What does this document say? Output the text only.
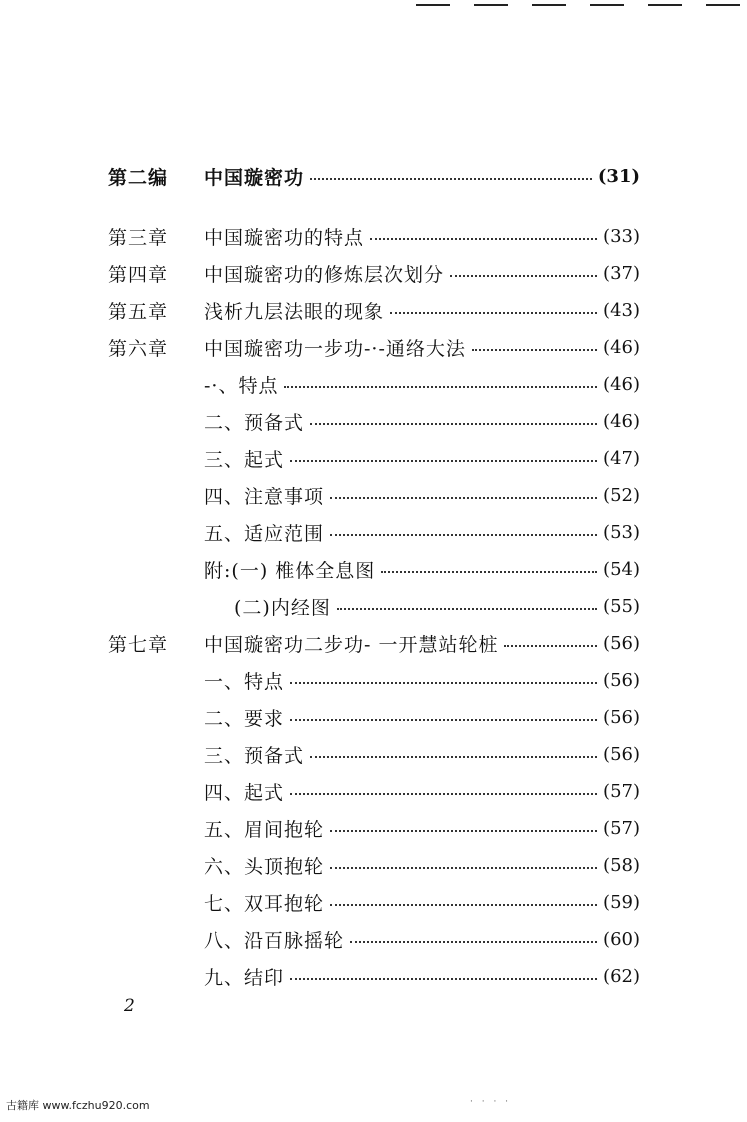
第二编	中国璇密功	(31)
第三章	中国璇密功的特点	(33)
第四章	中国璇密功的修炼层次划分	(37)
第五章	浅析九层法眼的现象	(43)
第六章	中国璇密功一步功-·-通络大法	(46)
-·、特点	(46)
二、预备式	(46)
三、起式	(47)
四、注意事项	(52)
五、适应范围	(53)
附:(一) 椎体全息图	(54)
(二)内经图	(55)
第七章	中国璇密功二步功- 一开慧站轮桩	(56)
一、特点	(56)
二、要求	(56)
三、预备式	(56)
四、起式	(57)
五、眉间抱轮	(57)
六、头顶抱轮	(58)
七、双耳抱轮	(59)
八、沿百脉摇轮	(60)
九、结印	(62)
2
古籍库 www.fczhu920.com	· · · ·
